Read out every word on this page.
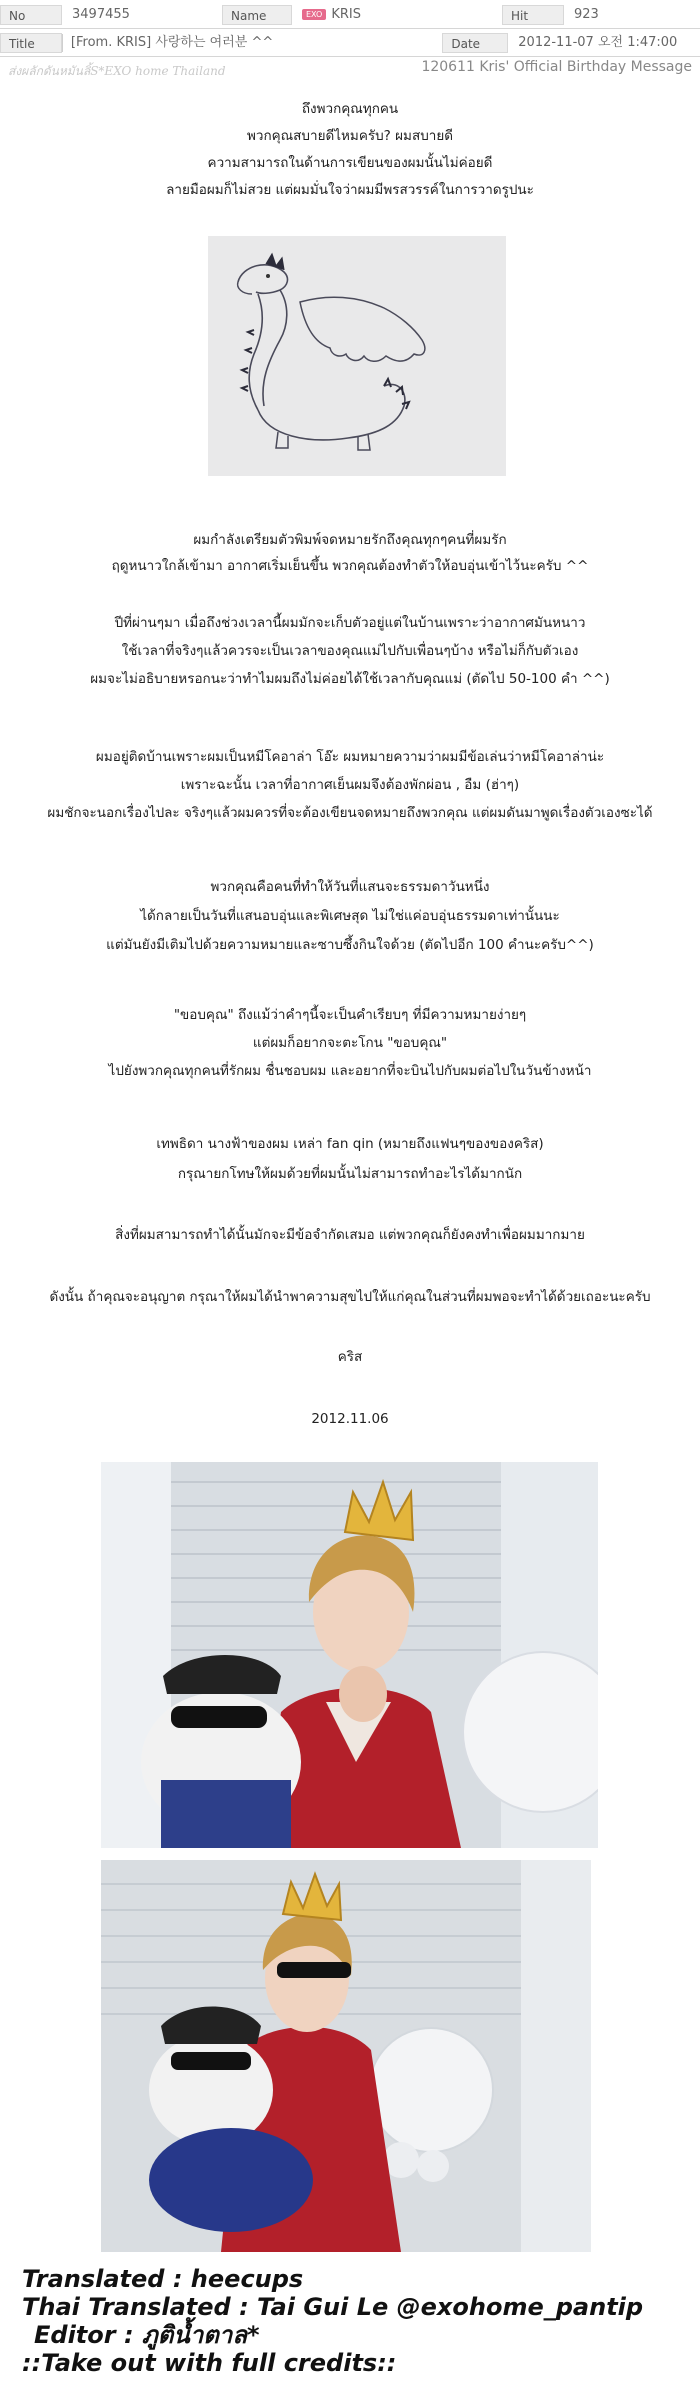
No	3497455	Name	EXO KRIS	Hit	923
Title	[From. KRIS] 사랑하는 여러분 ^^	Date	2012-11-07 오전 1:47:00
ส่งผลักดันหมันลิ้S*EXO home Thailand	120611 Kris' Official Birthday Message

ถึงพวกคุณทุกคน

พวกคุณสบายดีไหมครับ? ผมสบายดี

ความสามารถในด้านการเขียนของผมนั้นไม่ค่อยดี

ลายมือผมก็ไม่สวย แต่ผมมั่นใจว่าผมมีพรสวรรค์ในการวาดรูปนะ

ผมกำลังเตรียมตัวพิมพ์จดหมายรักถึงคุณทุกๆคนที่ผมรัก

ฤดูหนาวใกล้เข้ามา อากาศเริ่มเย็นขึ้น พวกคุณต้องทำตัวให้อบอุ่นเข้าไว้นะครับ ^^

ปีที่ผ่านๆมา เมื่อถึงช่วงเวลานี้ผมมักจะเก็บตัวอยู่แต่ในบ้านเพราะว่าอากาศมันหนาว

ใช้เวลาที่จริงๆแล้วควรจะเป็นเวลาของคุณแม่ไปกับเพื่อนๆบ้าง หรือไม่ก็กับตัวเอง

ผมจะไม่อธิบายหรอกนะว่าทำไมผมถึงไม่ค่อยได้ใช้เวลากับคุณแม่ (ตัดไป 50-100 คำ ^^)

ผมอยู่ติดบ้านเพราะผมเป็นหมีโคอาล่า โอ๊ะ ผมหมายความว่าผมมีข้อเล่นว่าหมีโคอาล่าน่ะ

เพราะฉะนั้น เวลาที่อากาศเย็นผมจึงต้องพักผ่อน , อืม (ฮ่าๆ)

ผมชักจะนอกเรื่องไปละ จริงๆแล้วผมควรที่จะต้องเขียนจดหมายถึงพวกคุณ แต่ผมดันมาพูดเรื่องตัวเองซะได้

พวกคุณคือคนที่ทำให้วันที่แสนจะธรรมดาวันหนึ่ง

ได้กลายเป็นวันที่แสนอบอุ่นและพิเศษสุด ไม่ใช่แค่อบอุ่นธรรมดาเท่านั้นนะ

แต่มันยังมีเติมไปด้วยความหมายและซาบซึ้งกินใจด้วย (ตัดไปอีก 100 คำนะครับ^^)

"ขอบคุณ" ถึงแม้ว่าคำๆนี้จะเป็นคำเรียบๆ ที่มีความหมายง่ายๆ

แต่ผมก็อยากจะตะโกน "ขอบคุณ"

ไปยังพวกคุณทุกคนที่รักผม ชื่นชอบผม และอยากที่จะบินไปกับผมต่อไปในวันข้างหน้า

เทพธิดา นางฟ้าของผม เหล่า fan qin (หมายถึงแฟนๆของของคริส)

กรุณายกโทษให้ผมด้วยที่ผมนั้นไม่สามารถทำอะไรได้มากนัก

สิ่งที่ผมสามารถทำได้นั้นมักจะมีข้อจำกัดเสมอ แต่พวกคุณก็ยังคงทำเพื่อผมมากมาย

ดังนั้น ถ้าคุณจะอนุญาต กรุณาให้ผมได้นำพาความสุขไปให้แก่คุณในส่วนที่ผมพอจะทำได้ด้วยเถอะนะครับ

คริส

2012.11.06

Translated : heecups
Thai Translated : Tai Gui Le @exohome_pantip
Editor : ภูติน้ำตาล*
::Take out with full credits::
